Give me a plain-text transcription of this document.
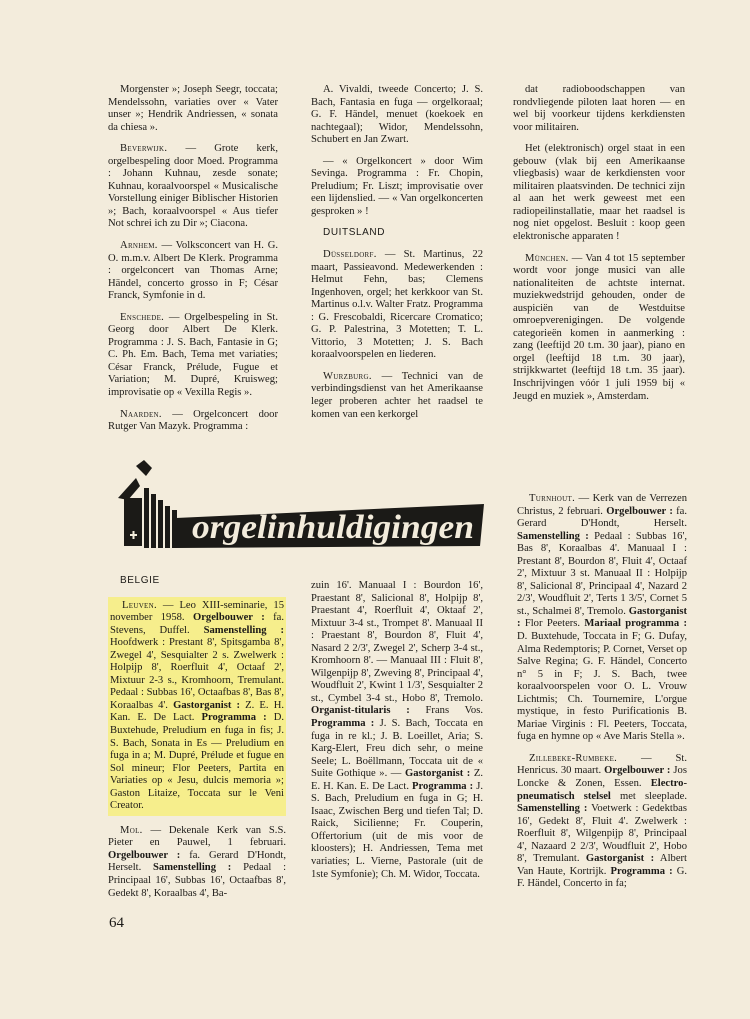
Morgenster »; Joseph Seegr, toccata; Mendelssohn, variaties over « Vater unser »; Hendrik Andriessen, « sonata da chiesa ».

Beverwijk. — Grote kerk, orgelbespeling door Moed. Programma : Johann Kuhnau, zesde sonate; Kuhnau, koraalvoorspel « Musicalische Vorstellung einiger Biblischer Historien »; Bach, koraalvoorspel « Aus tiefer Not schrei ich zu Dir »; Ciacona.

Arnhem. — Volksconcert van H. G. O. m.m.v. Albert De Klerk. Programma : orgelconcert van Thomas Arne; Händel, concerto grosso in F; César Franck, Symfonie in d.

Enschede. — Orgelbespeling in St. Georg door Albert De Klerk. Programma : J. S. Bach, Fantasie in G; C. Ph. Em. Bach, Tema met variaties; César Franck, Prélude, Fugue et Variation; M. Dupré, Kruisweg; improvisatie op « Vexilla Regis ».

Naarden. — Orgelconcert door Rutger Van Mazyk. Programma :

A. Vivaldi, tweede Concerto; J. S. Bach, Fantasia en fuga — orgelkoraal; G. F. Händel, menuet (koekoek en nachtegaal); Widor, Mendelssohn, Schubert en Jan Zwart.

— « Orgelkoncert » door Wim Sevinga. Programma : Fr. Chopin, Preludium; Fr. Liszt; improvisatie over een lijdenslied. — « Van orgelkoncerten gesproken » !

DUITSLAND

Düsseldorf. — St. Martinus, 22 maart, Passieavond. Medewerkenden : Helmut Fehn, bas; Clemens Ingenhoven, orgel; het kerkkoor van St. Martinus o.l.v. Walter Fratz. Programma : G. Frescobaldi, Ricercare Cromatico; G. P. Palestrina, 3 Motetten; T. L. Vittorio, 3 Motetten; J. S. Bach koraalvoorspelen en liederen.

Wurzburg. — Technici van de verbindingsdienst van het Amerikaanse leger proberen achter het raadsel te komen van een kerkorgel

dat radioboodschappen van rondvliegende piloten laat horen — en wel bij voorkeur tijdens kerkdiensten voor militairen.

Het (elektronisch) orgel staat in een gebouw (vlak bij een Amerikaanse vliegbasis) waar de kerkdiensten voor militairen plaatsvinden. De technici zijn al aan het werk geweest met een radiopeilinstallatie, maar het raadsel is nog niet opgelost. Besluit : koop geen elektronische apparaten !

München. — Van 4 tot 15 september wordt voor jonge musici van alle nationaliteiten de achtste internat. muziekwedstrijd gehouden, onder de auspiciën van de Westduitse omroepverenigingen. De volgende categorieën komen in aanmerking : zang (leeftijd 20 t.m. 30 jaar), piano en orgel (leeftijd 18 t.m. 30 jaar), strijkkwartet (leeftijd 18 t.m. 35 jaar). Inschrijvingen vóór 1 juli 1959 bij « Jeugd en muziek », Amsterdam.

BELGIE

Leuven. — Leo XIII-seminarie, 15 november 1958. Orgelbouwer : fa. Stevens, Duffel. Samenstelling : Hoofdwerk : Prestant 8', Spitsgamba 8', Zwegel 4', Sesquialter 2 s. Zwelwerk : Holpijp 8', Roerfluit 4', Octaaf 2', Mixtuur 2-3 s., Kromhoorn, Tremulant. Pedaal : Subbas 16', Octaafbas 8', Bas 8', Koraalbas 4'. Gastorganist : Z. E. H. Kan. E. De Lact. Programma : D. Buxtehude, Preludium en fuga in fis; J. S. Bach, Sonata in Es — Preludium en fuga in a; M. Dupré, Prélude et fugue en Sol mineur; Flor Peeters, Partita en Variaties op « Jesu, dulcis memoria »; Gaston Litaize, Toccata sur le Veni Creator.

Mol. — Dekenale Kerk van S.S. Pieter en Pauwel, 1 februari. Orgelbouwer : fa. Gerard D'Hondt, Herselt. Samenstelling : Pedaal : Principaal 16', Subbas 16', Octaafbas 8', Gedekt 8', Koraalbas 4', Ba-

zuin 16'. Manuaal I : Bourdon 16', Praestant 8', Salicional 8', Holpijp 8', Praestant 4', Roerfluit 4', Oktaaf 2', Mixtuur 3-4 st., Trompet 8'. Manuaal II : Praestant 8', Bourdon 8', Fluit 4', Nasard 2 2/3', Zwegel 2', Scherp 3-4 st., Kromhoorn 8'. — Manuaal III : Fluit 8', Wilgenpijp 8', Zweving 8', Principaal 4', Woudfluit 2', Kwint 1 1/3', Sesquialter 2 st., Cymbel 3-4 st., Hobo 8', Tremolo. Organist-titularis : Frans Vos. Programma : J. S. Bach, Toccata en fuga in re kl.; J. B. Loeillet, Aria; S. Karg-Elert, Freu dich sehr, o meine Seele; L. Boëllmann, Toccata uit de « Suite Gothique ». — Gastorganist : Z. E. H. Kan. E. De Lact. Programma : J. S. Bach, Preludium en fuga in G; H. Isaac, Zwischen Berg und tiefen Tal; D. Raick, Sicilienne; Fr. Couperin, Offertorium (uit de mis voor de kloosters); H. Andriessen, Tema met variaties; L. Vierne, Pastorale (uit de 1ste Symfonie); Ch. M. Widor, Toccata.

Turnhout. — Kerk van de Verrezen Christus, 2 februari. Orgelbouwer : fa. Gerard D'Hondt, Herselt. Samenstelling : Pedaal : Subbas 16', Bas 8', Koraalbas 4'. Manuaal I : Prestant 8', Bourdon 8', Fluit 4', Octaaf 2', Mixtuur 3 st. Manuaal II : Holpijp 8', Salicional 8', Principaal 4', Nazard 2 2/3', Woudfluit 2', Terts 1 3/5', Cornet 5 st., Schalmei 8', Tremolo. Gastorganist : Flor Peeters. Mariaal programma : D. Buxtehude, Toccata in F; G. Dufay, Alma Redemptoris; P. Cornet, Verset op Salve Regina; G. F. Händel, Concerto n° 5 in F; J. S. Bach, twee koraalvoorspelen voor O. L. Vrouw Lichtmis; Ch. Tournemire, L'orgue mystique, in festo Purificationis B. Mariae Virginis : Fl. Peeters, Toccata, fuga en hymne op « Ave Maris Stella ».

Zillebeke-Rumbeke. — St. Henricus. 30 maart. Orgelbouwer : Jos Loncke & Zonen, Essen. Electro-pneumatisch stelsel met sleeplade. Samenstelling : Voetwerk : Gedektbas 16', Gedekt 8', Fluit 4'. Zwelwerk : Roerfluit 8', Wilgenpijp 8', Principaal 4', Nazaard 2 2/3', Woudfluit 2', Hobo 8', Tremulant. Gastorganist : Albert Van Haute, Kortrijk. Programma : G. F. Händel, Concerto in fa;

orgelinhuldigingen
64
